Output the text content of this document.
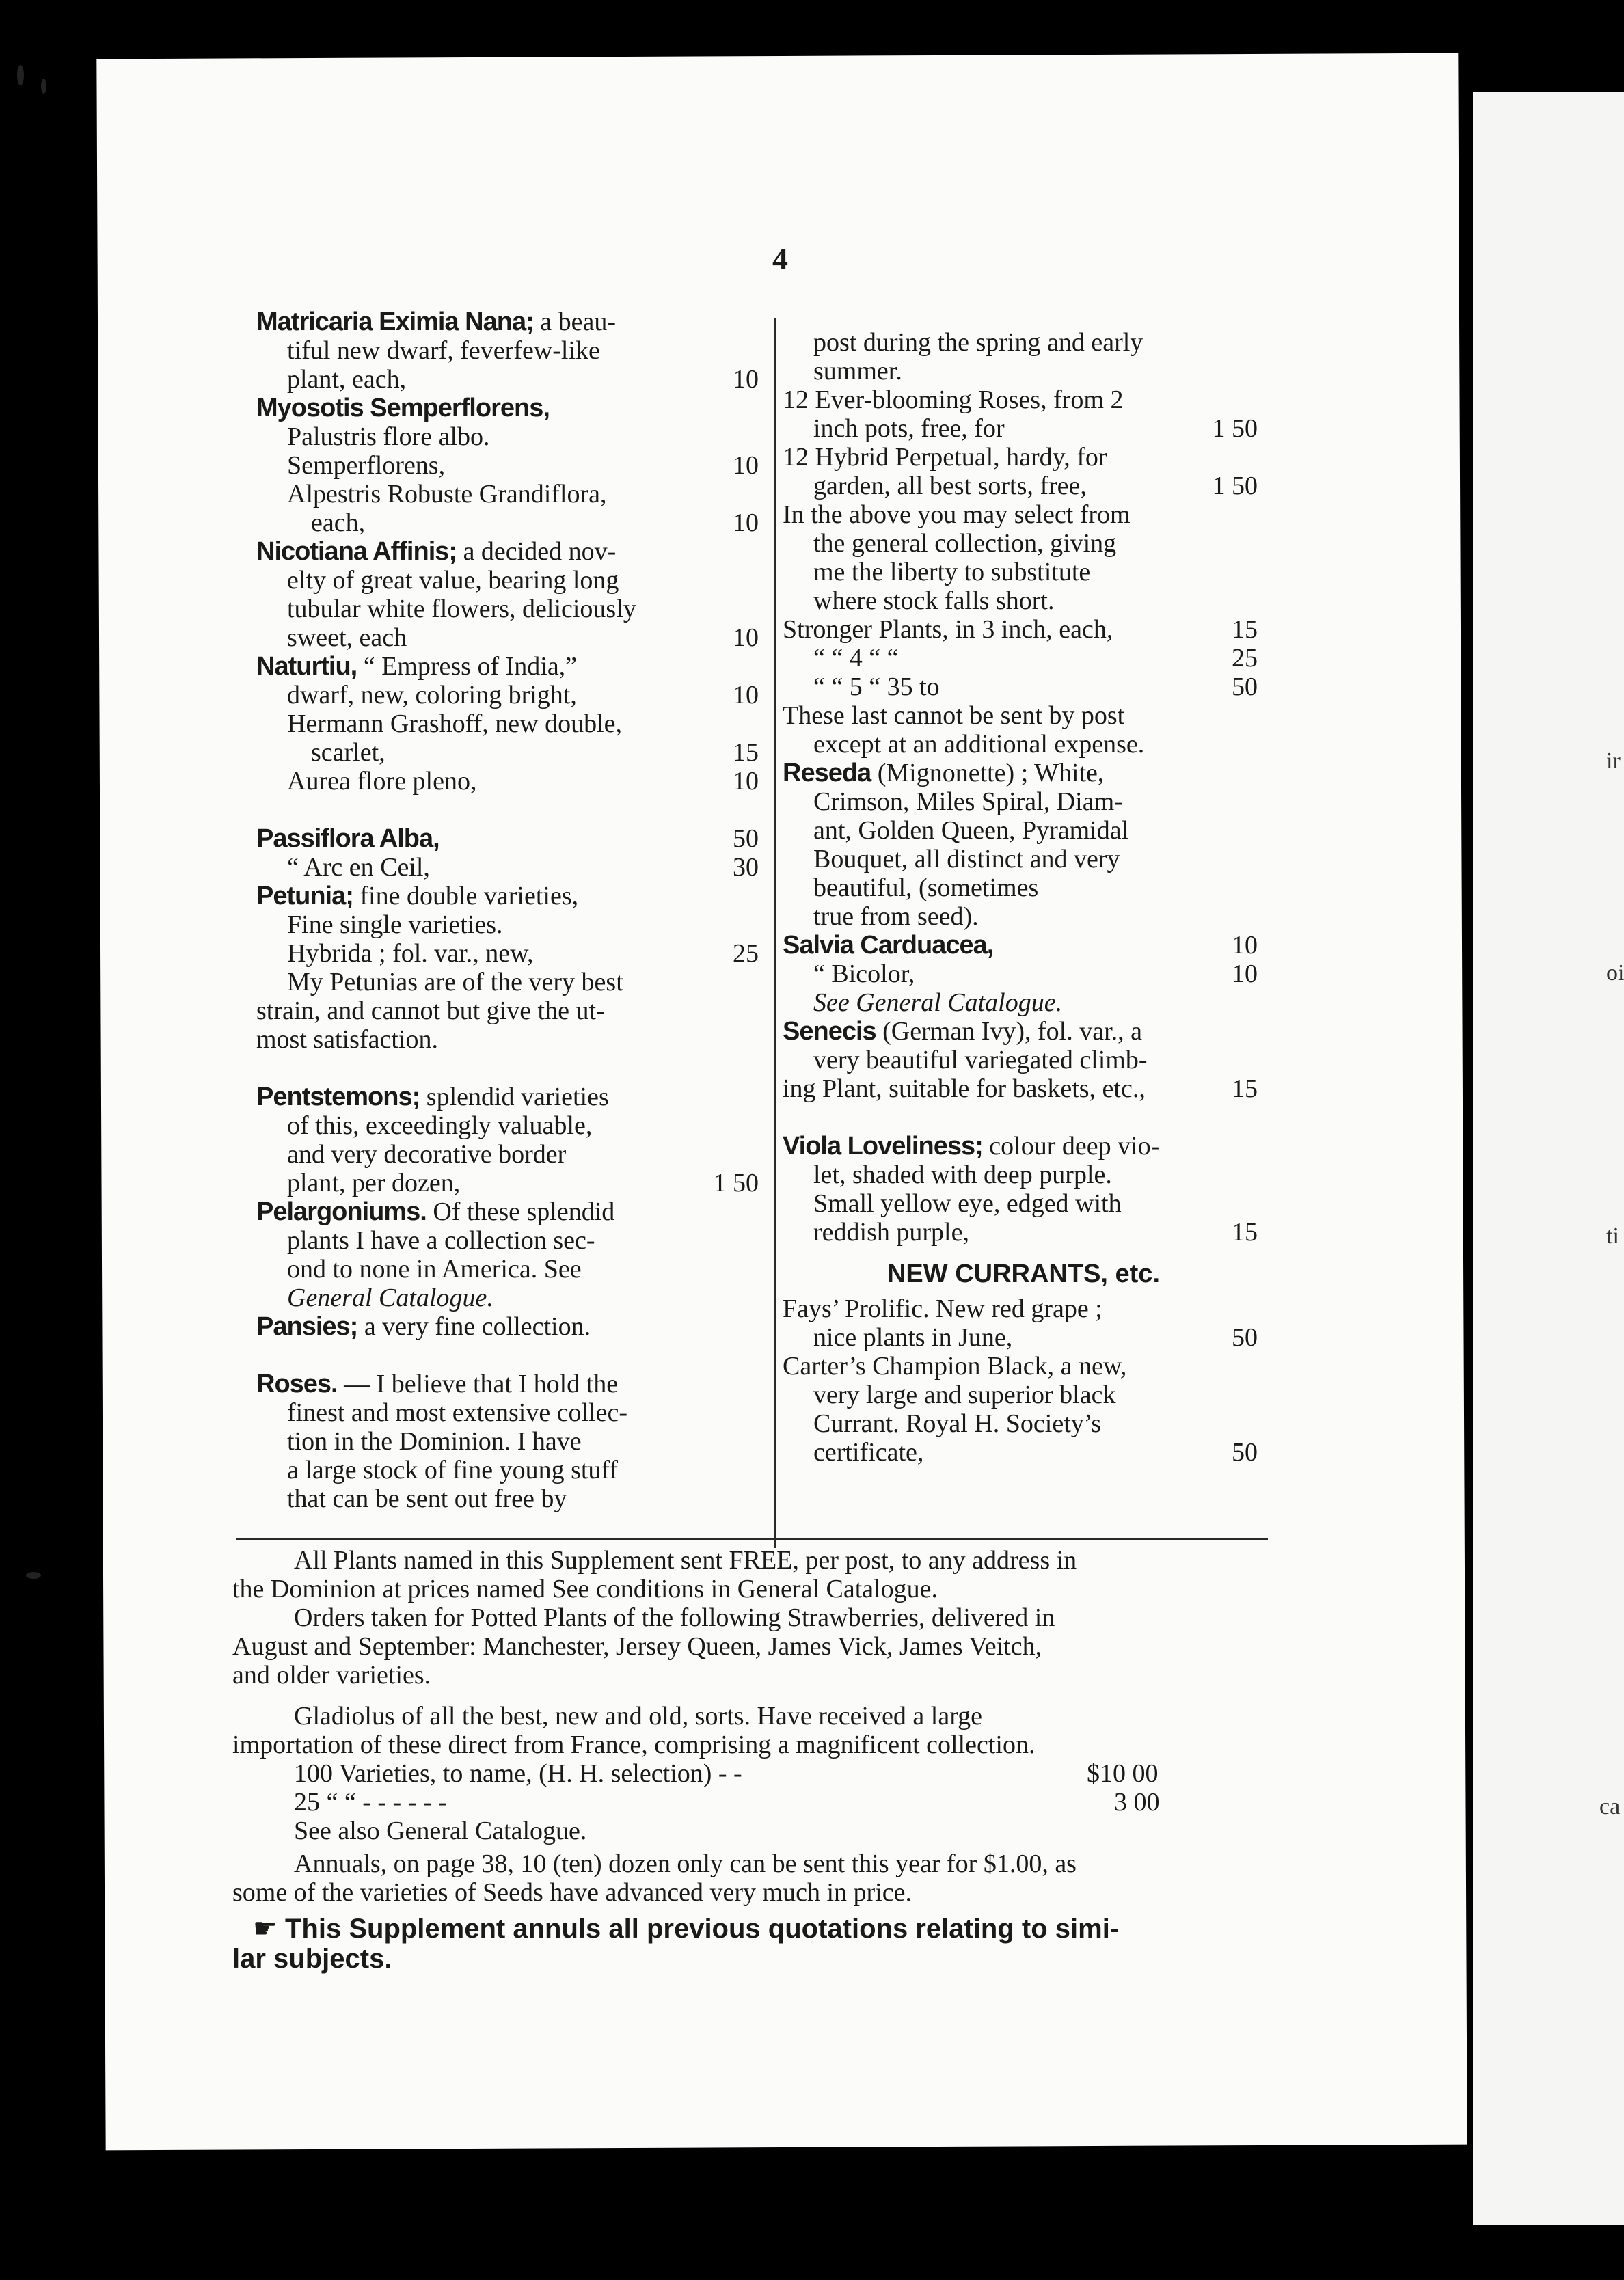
ir
oi
ti
ca
4
Matricaria Eximia Nana; a beau-
tiful new dwarf, feverfew-like
plant, each,	10
Myosotis Semperflorens,
Palustris flore albo.
Semperflorens,	10
Alpestris Robuste Grandiflora,
each,	10
Nicotiana Affinis; a decided nov-
elty of great value, bearing long
tubular white flowers, deliciously
sweet, each	10
Naturtiu, “ Empress of India,”
dwarf, new, coloring bright,	10
Hermann Grashoff, new double,
scarlet,	15
Aurea flore pleno,	10
Passiflora Alba,	50
“ Arc en Ceil,	30
Petunia; fine double varieties,
Fine single varieties.
Hybrida ; fol. var., new,	25
My Petunias are of the very best
strain, and cannot but give the ut-
most satisfaction.
Pentstemons; splendid varieties
of this, exceedingly valuable,
and very decorative border
plant, per dozen,	1 50
Pelargoniums. Of these splendid
plants I have a collection sec-
ond to none in America. See
General Catalogue.
Pansies; a very fine collection.
Roses. — I believe that I hold the
finest and most extensive collec-
tion in the Dominion. I have
a large stock of fine young stuff
that can be sent out free by
post during the spring and early
summer.
12 Ever-blooming Roses, from 2
inch pots, free, for	1 50
12 Hybrid Perpetual, hardy, for
garden, all best sorts, free,	1 50
In the above you may select from
the general collection, giving
me the liberty to substitute
where stock falls short.
Stronger Plants, in 3 inch, each,	15
“ “ 4 “ “	25
“ “ 5 “ 35 to	50
These last cannot be sent by post
except at an additional expense.
Reseda (Mignonette) ; White,
Crimson, Miles Spiral, Diam-
ant, Golden Queen, Pyramidal
Bouquet, all distinct and very
beautiful, (sometimes
true from seed).
Salvia Carduacea,	10
“ Bicolor,	10
See General Catalogue.
Senecis (German Ivy), fol. var., a
very beautiful variegated climb-
ing Plant, suitable for baskets, etc.,	15
Viola Loveliness; colour deep vio-
let, shaded with deep purple.
Small yellow eye, edged with
reddish purple,	15
NEW CURRANTS, etc.
Fays’ Prolific. New red grape ;
nice plants in June,	50
Carter’s Champion Black, a new,
very large and superior black
Currant. Royal H. Society’s
certificate,	50
All Plants named in this Supplement sent FREE, per post, to any address in
the Dominion at prices named See conditions in General Catalogue.
Orders taken for Potted Plants of the following Strawberries, delivered in
August and September: Manchester, Jersey Queen, James Vick, James Veitch,
and older varieties.
Gladiolus of all the best, new and old, sorts. Have received a large
importation of these direct from France, comprising a magnificent collection.
100 Varieties, to name, (H. H. selection) - -	$10 00
25 “ “ - - - - - -	3 00
See also General Catalogue.
Annuals, on page 38, 10 (ten) dozen only can be sent this year for $1.00, as
some of the varieties of Seeds have advanced very much in price.
☛ This Supplement annuls all previous quotations relating to simi-
lar subjects.
